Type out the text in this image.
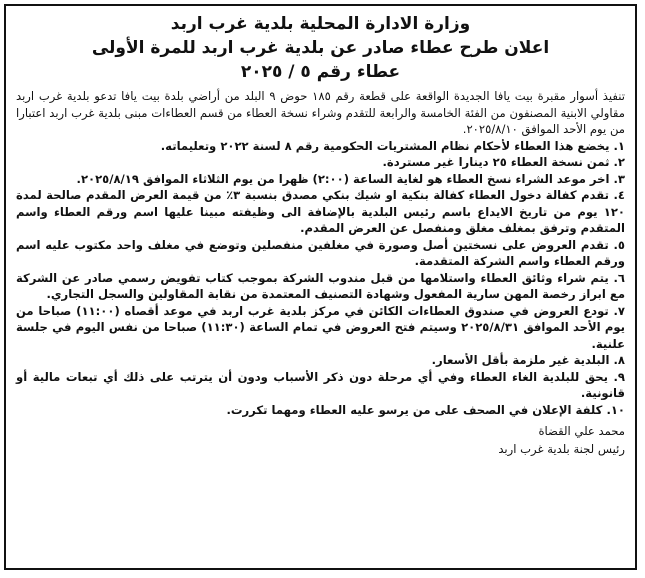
وزارة الادارة المحلية بلدية غرب اربد
اعلان طرح عطاء صادر عن بلدية غرب اربد للمرة الأولى
عطاء رقم ٥ / ٢٠٢٥
تنفيذ أسوار مقبرة بيت يافا الجديدة الواقعة على قطعة رقم ١٨٥ حوض ٩ البلد من أراضي بلدة بيت يافا تدعو بلدية غرب اربد مقاولي الابنية المصنفون من الفئة الخامسة والرابعة للتقدم وشراء نسخة العطاء من قسم العطاءات مبنى بلدية غرب اربد اعتبارا من يوم الأحد الموافق ٢٠٢٥/٨/١٠.
١. يخضع هذا العطاء لأحكام نظام المشتريات الحكومية رقم ٨ لسنة ٢٠٢٢ وتعليماته.
٢. ثمن نسخة العطاء ٢٥ دينارا غير مستردة.
٣. اخر موعد الشراء نسخ العطاء هو لغاية الساعة (٢:٠٠) ظهرا من يوم الثلاثاء الموافق ٢٠٢٥/٨/١٩.
٤. تقدم كفالة دخول العطاء كفالة بنكية او شيك بنكي مصدق بنسبة ٣٪ من قيمة العرض المقدم صالحة لمدة ١٢٠ يوم من تاريخ الايداع باسم رئيس البلدية بالإضافة الى وظيفته مبينا عليها اسم ورقم العطاء واسم المتقدم وترفق بمغلف مغلق ومنفصل عن العرض المقدم.
٥. تقدم العروض على نسختين أصل وصورة في مغلفين منفصلين وتوضع في مغلف واحد مكتوب عليه اسم ورقم العطاء واسم الشركة المتقدمة.
٦. يتم شراء وثائق العطاء واستلامها من قبل مندوب الشركة بموجب كتاب تفويض رسمي صادر عن الشركة مع ابراز رخصة المهن سارية المفعول وشهادة التصنيف المعتمدة من نقابة المقاولين والسجل التجاري.
٧. تودع العروض في صندوق العطاءات الكائن في مركز بلدية غرب اربد في موعد أقصاه (١١:٠٠) صباحا من يوم الأحد الموافق ٢٠٢٥/٨/٣١ وسيتم فتح العروض في تمام الساعة (١١:٣٠) صباحا من نفس اليوم في جلسة علنية.
٨. البلدية غير ملزمة بأقل الأسعار.
٩. يحق للبلدية الغاء العطاء وفي أي مرحلة دون ذكر الأسباب ودون أن يترتب على ذلك أي تبعات مالية أو قانونية.
١٠. كلفة الإعلان في الصحف على من يرسو عليه العطاء ومهما تكررت.
محمد علي القضاة
رئيس لجنة بلدية غرب اربد
